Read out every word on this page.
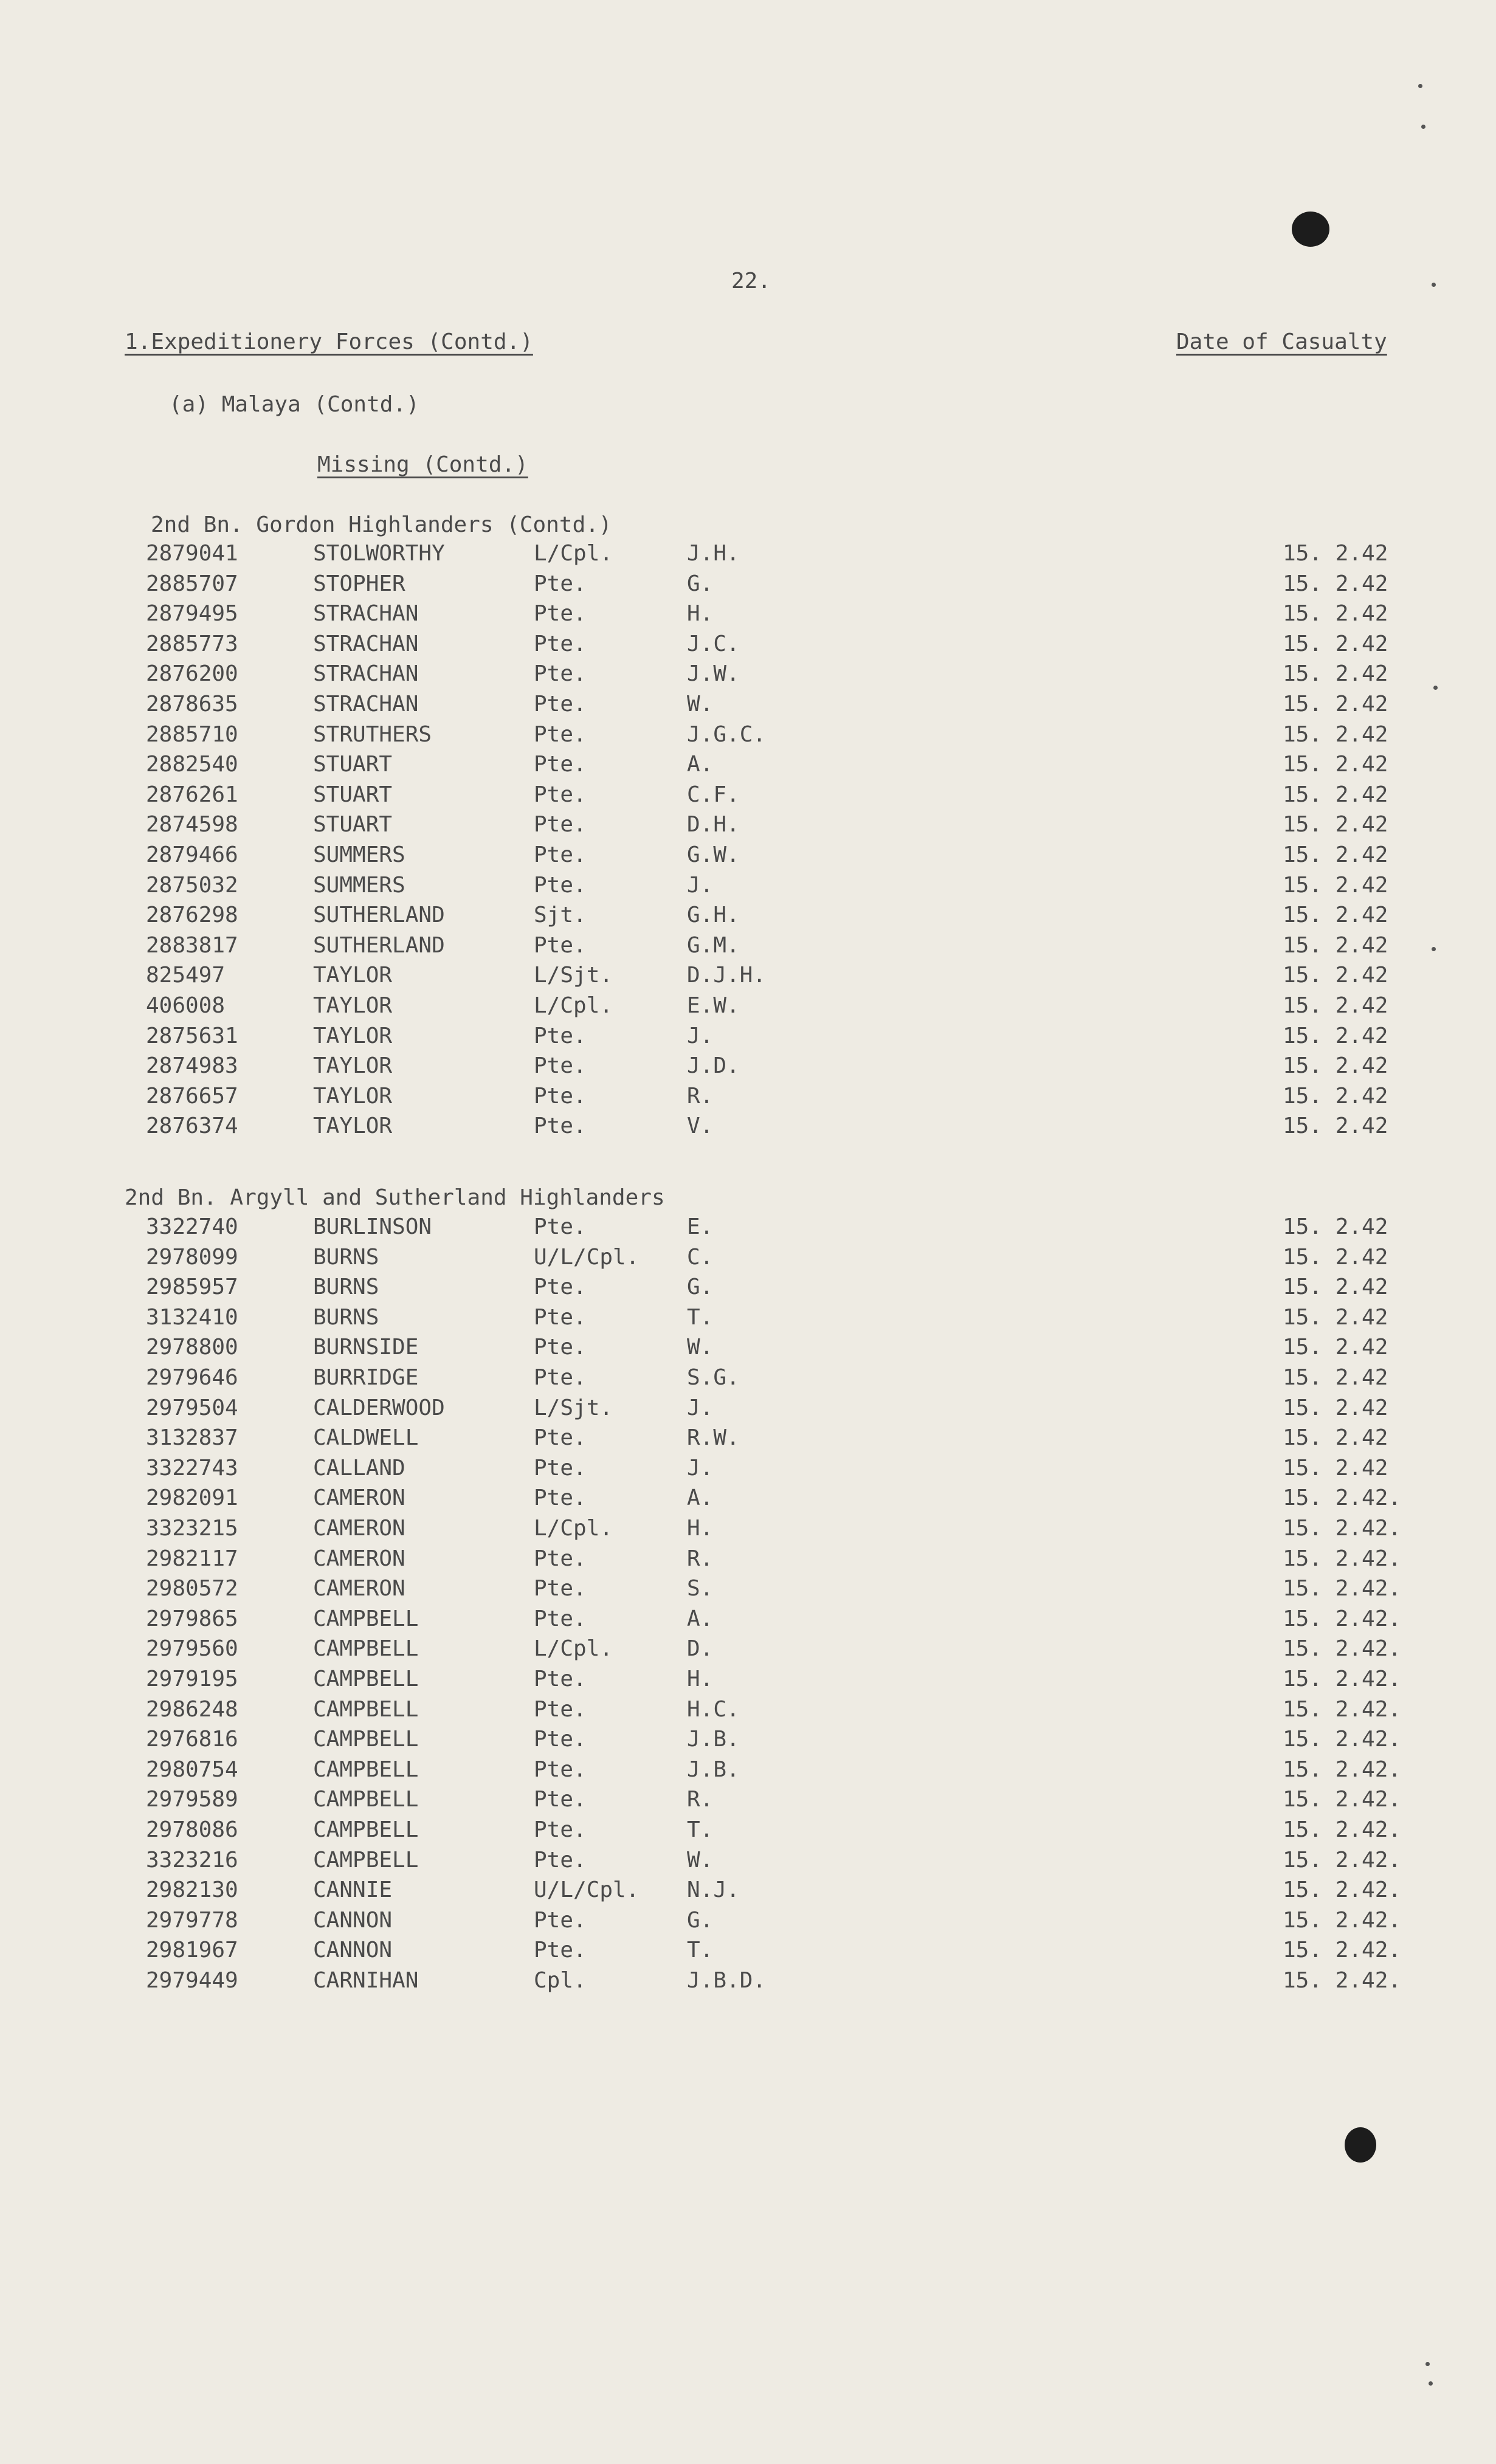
22.
1.Expeditionery Forces (Contd.)	Date of Casualty
(a) Malaya (Contd.)
Missing (Contd.)
2nd Bn. Gordon Highlanders (Contd.)
2879041	STOLWORTHY	L/Cpl.	J.H.	15. 2.42
2885707	STOPHER	Pte.	G.	15. 2.42
2879495	STRACHAN	Pte.	H.	15. 2.42
2885773	STRACHAN	Pte.	J.C.	15. 2.42
2876200	STRACHAN	Pte.	J.W.	15. 2.42
2878635	STRACHAN	Pte.	W.	15. 2.42
2885710	STRUTHERS	Pte.	J.G.C.	15. 2.42
2882540	STUART	Pte.	A.	15. 2.42
2876261	STUART	Pte.	C.F.	15. 2.42
2874598	STUART	Pte.	D.H.	15. 2.42
2879466	SUMMERS	Pte.	G.W.	15. 2.42
2875032	SUMMERS	Pte.	J.	15. 2.42
2876298	SUTHERLAND	Sjt.	G.H.	15. 2.42
2883817	SUTHERLAND	Pte.	G.M.	15. 2.42
825497	TAYLOR	L/Sjt.	D.J.H.	15. 2.42
406008	TAYLOR	L/Cpl.	E.W.	15. 2.42
2875631	TAYLOR	Pte.	J.	15. 2.42
2874983	TAYLOR	Pte.	J.D.	15. 2.42
2876657	TAYLOR	Pte.	R.	15. 2.42
2876374	TAYLOR	Pte.	V.	15. 2.42
2nd Bn. Argyll and Sutherland Highlanders
3322740	BURLINSON	Pte.	E.	15. 2.42
2978099	BURNS	U/L/Cpl. C.	15. 2.42
2985957	BURNS	Pte.	G.	15. 2.42
3132410	BURNS	Pte.	T.	15. 2.42
2978800	BURNSIDE	Pte.	W.	15. 2.42
2979646	BURRIDGE	Pte.	S.G.	15. 2.42
2979504	CALDERWOOD	L/Sjt.	J.	15. 2.42
3132837	CALDWELL	Pte.	R.W.	15. 2.42
3322743	CALLAND	Pte.	J.	15. 2.42
2982091	CAMERON	Pte.	A.	15. 2.42.
3323215	CAMERON	L/Cpl.	H.	15. 2.42.
2982117	CAMERON	Pte.	R.	15. 2.42.
2980572	CAMERON	Pte.	S.	15. 2.42.
2979865	CAMPBELL	Pte.	A.	15. 2.42.
2979560	CAMPBELL	L/Cpl.	D.	15. 2.42.
2979195	CAMPBELL	Pte.	H.	15. 2.42.
2986248	CAMPBELL	Pte.	H.C.	15. 2.42.
2976816	CAMPBELL	Pte.	J.B.	15. 2.42.
2980754	CAMPBELL	Pte.	J.B.	15. 2.42.
2979589	CAMPBELL	Pte.	R.	15. 2.42.
2978086	CAMPBELL	Pte.	T.	15. 2.42.
3323216	CAMPBELL	Pte.	W.	15. 2.42.
2982130	CANNIE	U/L/Cpl. N.J.	15. 2.42.
2979778	CANNON	Pte.	G.	15. 2.42.
2981967	CANNON	Pte.	T.	15. 2.42.
2979449	CARNIHAN	Cpl.	J.B.D.	15. 2.42.
